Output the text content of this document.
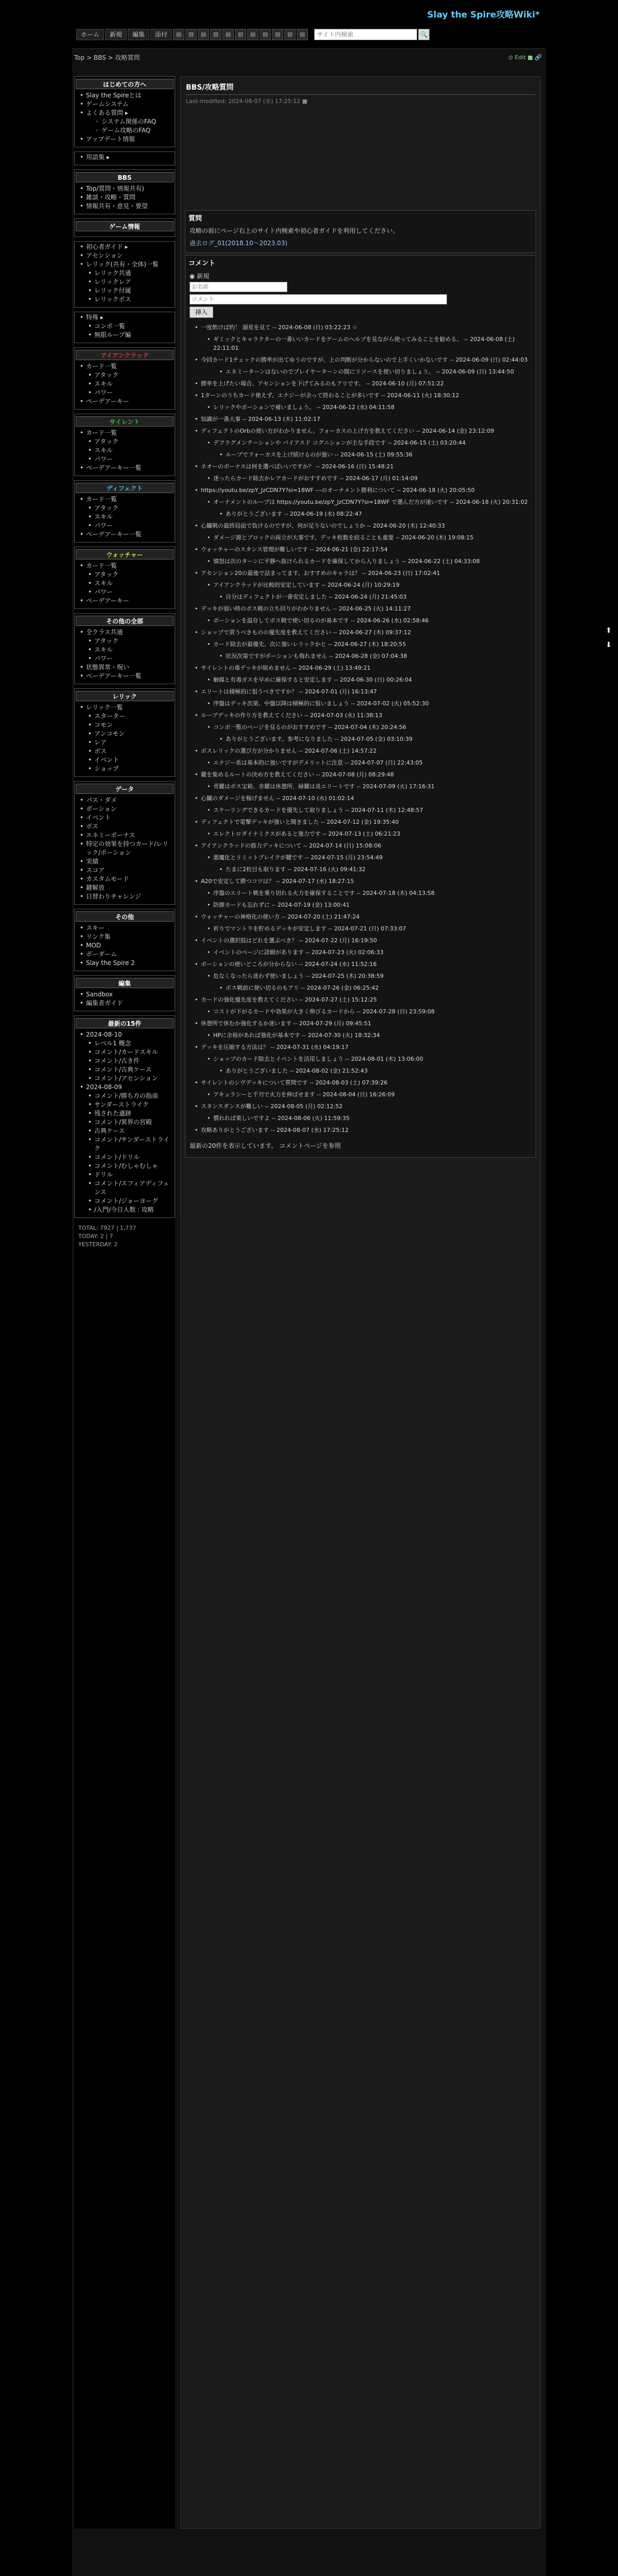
Slay the Spire攻略Wiki*
ホーム	新規	編集	添付	▤	▤	▤	▤	▤	▤	▤	▤	▤	▤	▤
サイト内検索	🔍
Top > BBS > 攻略質問	⊙ Edit ■ 🔗
はじめての方へ
• Slay the Spireとは
• ゲームシステム
• よくある質問 ▸
◦ システム関係のFAQ
◦ ゲーム攻略のFAQ
• アップデート情報
• 用語集 ▸
BBS
• Top/質問・情報共有)
• 雑談・攻略・質問
• 情報共有・意見・要望
ゲーム情報
• 初心者ガイド ▸
• アセンション
• レリック(共有・全体)一覧
• レリック共通
• レリックレア
• レリック付属
• レリックボス
• 特殊 ▸
• コンボ一覧
• 無限ループ編
アイアンクラッド
• カード一覧
• アタック
• スキル
• パワー
• ペーデアーキー
サイレント
• カード一覧
• アタック
• スキル
• パワー
• ペーデアーキー一覧
ディフェクト
• カード一覧
• アタック
• スキル
• パワー
• ペーデアーキー一覧
ウォッチャー
• カード一覧
• アタック
• スキル
• パワー
• ペーデアーキー
その他の全部
• 全クラス共通
• アタック
• スキル
• パワー
• 状態異常・呪い
• ペーデアーキー一覧
レリック
• レリック一覧
• スターター
• コモン
• アンコモン
• レア
• ボス
• イベント
• ショップ
データ
• パス・ダメ
• ポーション
• イベント
• ボス
• エネミーボーナス
• 特定の効果を持つカード/レリック/ポーション
• 実績
• スコア
• カスタムモード
• 鍵解放
• 日替わりチャレンジ
その他
• スキー
• リンク集
• MOD
• ボーダーム
• Slay the Spire 2
編集
• Sandbox
• 編集者ガイド
最新の15件
• 2024-08-10
• レベル1 概念
• コメント/カードスキル
• コメント/古き件
• コメント/古典ケース
• コメント/アセンション
• 2024-08-09
• コメント/勝ち方の指南
• サンダーストライク
• 残された遺跡
• コメント/異界の宮殿
• 古典ケース
• コメント/サンダーストライク
• コメント/ドリル
• コメント/むしゃむしゃ
• ドリル
• コメント/スフィアディフェンス
• コメント/ジョーヨーグ
• /入門/今日人数 : 攻略
TOTAL: 7927 | 1,737
TODAY: 2 | 7
YESTERDAY: 2
BBS/攻略質問
Last-modified: 2024-08-07 (水) 17:25:12 ■
質問
攻略の前にページ右上のサイト内検索や初心者ガイドを利用してください。
過去ログ_01(2018.10〜2023.03)
コメント
◉ 新規
お名前
コメント 挿入
• 一度飲けば約！ 溜星を見て -- 2024-06-08 (日) 03:22:23 ☆
• ギミックとキャラクターの一番いいカードをゲームのヘルプを見ながら使ってみることを勧める。 -- 2024-06-08 (土) 22:11:01
• 今回カード1チェックの勝率が出てゆうのですが、上の判断が分からないので上手くいかないです -- 2024-06-09 (日) 02:44:03
• エネミーターンはないのでプレイヤーターンの間にリソースを使い切りましょう。 -- 2024-06-09 (日) 13:44:50
• 勝率を上げたい場合、アセンションを下げてみるのもアリです。 -- 2024-06-10 (月) 07:51:22
• 1ターンのうちカード使えず、エナジーが余って終わることが多いです -- 2024-06-11 (火) 18:30:12
• レリックやポーションで補いましょう。 -- 2024-06-12 (水) 04:11:58
• 知識が一番大事 -- 2024-06-13 (木) 11:02:17
• ディフェクトのOrbの使い方がわかりません。フォーカスの上げ方を教えてください -- 2024-06-14 (金) 23:12:09
• デフラグメンテーションや バイアスド コグニションが主な手段です -- 2024-06-15 (土) 03:20:44
• ループでフォーカスを上げ続けるのが強い -- 2024-06-15 (土) 09:55:36
• ネオーのボーナスは何を選べばいいですか？ -- 2024-06-16 (日) 15:48:21
• 迷ったらカード除去かレアカードがおすすめです -- 2024-06-17 (月) 01:14:09
• https://youtu.be/zpY_JzCDN7Y?si=18WF ---のオーナメント勝利について -- 2024-06-18 (火) 20:05:50
• オーナメントのループは https://youtu.be/zpY_JzCDN7Y?si=18WF で選んだ方が速いです -- 2024-06-18 (火) 20:31:02
• ありがとうございます -- 2024-06-19 (水) 08:22:47
• 心臓戦の最終局面で負けるのですが、何が足りないのでしょうか -- 2024-06-20 (木) 12:40:33
• ダメージ源とブロックの両立が大事です。デッキ枚数を絞ることも重要 -- 2024-06-20 (木) 19:08:15
• ウォッチャーのスタンス管理が難しいです -- 2024-06-21 (金) 22:17:54
• 憤怒は次のターンに平静へ抜けられるカードを確保してから入りましょう -- 2024-06-22 (土) 04:33:08
• アセンション20の最後で詰まってます。おすすめのキャラは？ -- 2024-06-23 (日) 17:02:41
• アイアンクラッドが比較的安定しています -- 2024-06-24 (月) 10:29:19
• 自分はディフェクトが一番安定しました -- 2024-06-24 (月) 21:45:03
• デッキが弱い時のボス戦の立ち回りがわかりません -- 2024-06-25 (火) 14:11:27
• ポーションを温存してボス戦で使い切るのが基本です -- 2024-06-26 (水) 02:58:46
• ショップで買うべきものの優先度を教えてください -- 2024-06-27 (木) 09:37:12
• カード除去が最優先、次に強いレリックかと -- 2024-06-27 (木) 18:20:55
• 状況次第ですがポーションも侮れません -- 2024-06-28 (金) 07:04:38
• サイレントの毒デッキが組めません -- 2024-06-29 (土) 13:49:21
• 触媒と有毒ガスを早めに確保すると安定します -- 2024-06-30 (日) 00:26:04
• エリートは積極的に狙うべきですか？ -- 2024-07-01 (月) 16:13:47
• 序盤はデッキ次第、中盤以降は積極的に狙いましょう -- 2024-07-02 (火) 05:52:30
• ループデッキの作り方を教えてください -- 2024-07-03 (水) 11:38:13
• コンボ一覧のページを見るのがおすすめです -- 2024-07-04 (木) 20:24:56
• ありがとうございます。参考になりました -- 2024-07-05 (金) 03:10:39
• ボスレリックの選び方が分かりません -- 2024-07-06 (土) 14:57:22
• エナジー系は基本的に強いですがデメリットに注意 -- 2024-07-07 (日) 22:43:05
• 鍵を集めるルートの決め方を教えてください -- 2024-07-08 (月) 08:29:48
• 青鍵はボス宝箱、赤鍵は休憩所、緑鍵は炎エリートです -- 2024-07-09 (火) 17:16:31
• 心臓のダメージを稼げません -- 2024-07-10 (水) 01:02:14
• スケーリングできるカードを優先して取りましょう -- 2024-07-11 (木) 12:48:57
• ディフェクトで電撃デッキが強いと聞きました -- 2024-07-12 (金) 19:35:40
• エレクトロダイナミクスがあると強力です -- 2024-07-13 (土) 06:21:23
• アイアンクラッドの筋力デッキについて -- 2024-07-14 (日) 15:08:06
• 悪魔化とリミットブレイクが鍵です -- 2024-07-15 (月) 23:54:49
• たまに2枚目も取ります -- 2024-07-16 (火) 09:41:32
• A20で安定して勝つコツは？ -- 2024-07-17 (水) 18:27:15
• 序盤のエリート戦を乗り切れる火力を確保することです -- 2024-07-18 (木) 04:13:58
• 防御カードも忘れずに -- 2024-07-19 (金) 13:00:41
• ウォッチャーの神格化の使い方 -- 2024-07-20 (土) 21:47:24
• 祈りでマントラを貯めるデッキが安定します -- 2024-07-21 (日) 07:33:07
• イベントの選択肢はどれを選ぶべき？ -- 2024-07-22 (月) 16:19:50
• イベントのページに詳細があります -- 2024-07-23 (火) 02:06:33
• ポーションの使いどころが分からない -- 2024-07-24 (水) 11:52:16
• 危なくなったら迷わず使いましょう -- 2024-07-25 (木) 20:38:59
• ボス戦前に使い切るのもアリ -- 2024-07-26 (金) 06:25:42
• カードの強化優先度を教えてください -- 2024-07-27 (土) 15:12:25
• コストが下がるカードや効果が大きく伸びるカードから -- 2024-07-28 (日) 23:59:08
• 休憩所で休むか強化するか迷います -- 2024-07-29 (月) 09:45:51
• HPに余裕があれば強化が基本です -- 2024-07-30 (火) 18:32:34
• デッキを圧縮する方法は？ -- 2024-07-31 (水) 04:19:17
• ショップのカード除去とイベントを活用しましょう -- 2024-08-01 (木) 13:06:00
• ありがとうございました -- 2024-08-02 (金) 21:52:43
• サイレントのシヴデッキについて質問です -- 2024-08-03 (土) 07:39:26
• アキュラシーと千刃で火力を伸ばせます -- 2024-08-04 (日) 16:26:09
• スタンスダンスが難しい -- 2024-08-05 (月) 02:12:52
• 慣れれば楽しいですよ -- 2024-08-06 (火) 11:59:35
• 攻略ありがとうございます -- 2024-08-07 (水) 17:25:12
最新の20件を表示しています。 コメントページを参照
⬆
⬇
